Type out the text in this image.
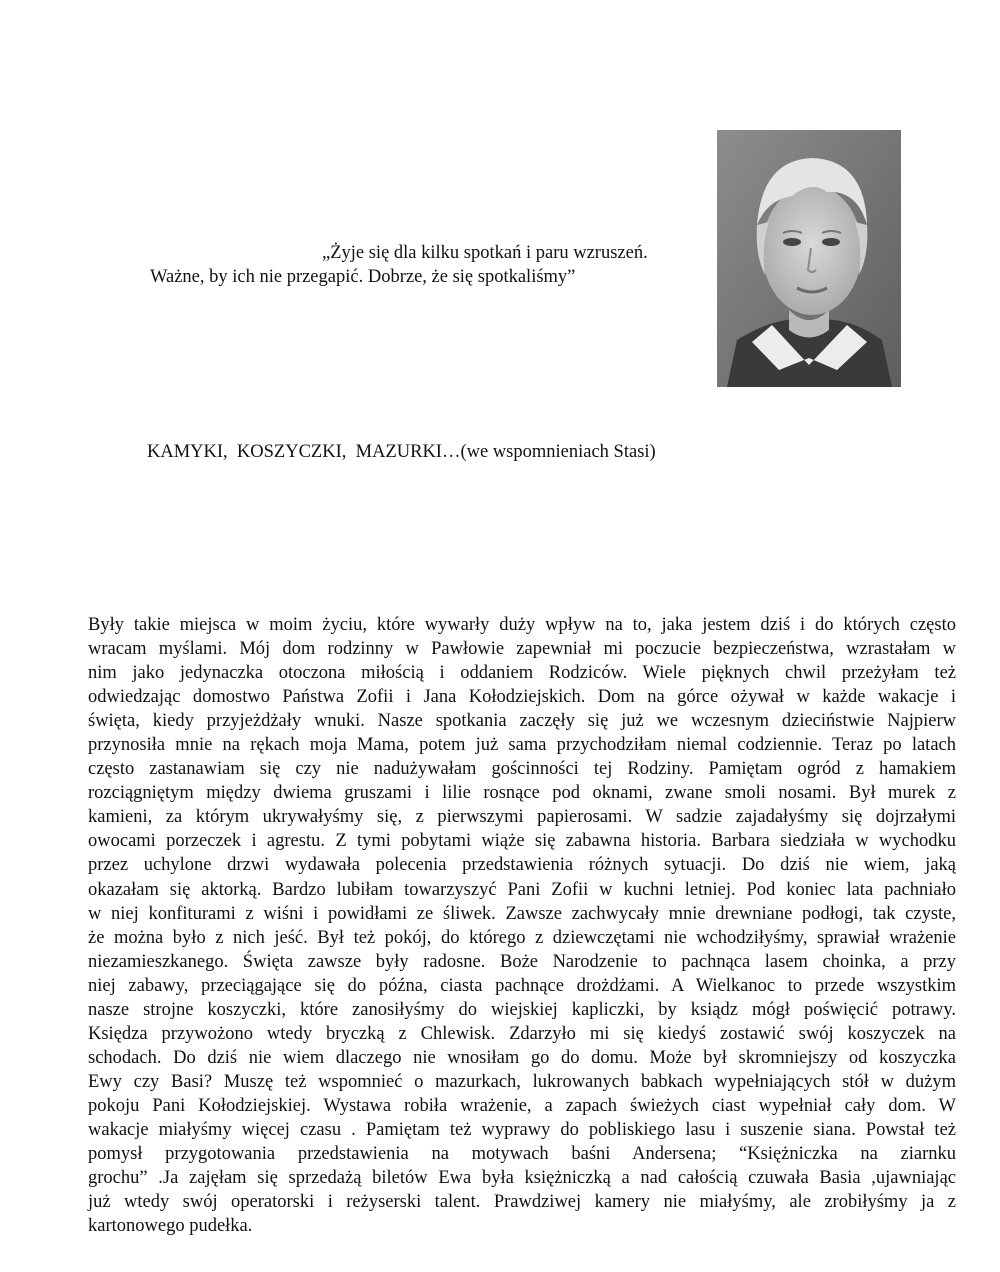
„Żyje się dla kilku spotkań i paru wzruszeń.
Ważne, by ich nie przegapić. Dobrze, że się spotkaliśmy”
KAMYKI,  KOSZYCZKI,  MAZURKI…(we wspomnieniach Stasi)
Były takie miejsca w moim życiu, które wywarły duży wpływ na to, jaka jestem dziś i do których często
wracam myślami. Mój dom rodzinny w Pawłowie zapewniał mi poczucie bezpieczeństwa, wzrastałam w
nim jako jedynaczka otoczona miłością i oddaniem Rodziców. Wiele pięknych chwil przeżyłam też
odwiedzając domostwo Państwa Zofii i Jana Kołodziejskich. Dom na górce ożywał w każde wakacje i
święta, kiedy przyjeżdżały wnuki. Nasze spotkania zaczęły się już we wczesnym dzieciństwie Najpierw
przynosiła mnie na rękach moja Mama, potem już sama przychodziłam niemal codziennie. Teraz po latach
często zastanawiam się czy nie nadużywałam gościnności tej Rodziny. Pamiętam ogród z hamakiem
rozciągniętym między dwiema gruszami i lilie rosnące pod oknami, zwane smoli nosami. Był murek z
kamieni, za którym ukrywałyśmy się, z pierwszymi papierosami. W sadzie zajadałyśmy się dojrzałymi
owocami porzeczek i agrestu. Z tymi pobytami wiąże się zabawna historia. Barbara siedziała w wychodku
przez uchylone drzwi wydawała polecenia przedstawienia różnych sytuacji. Do dziś nie wiem, jaką
okazałam się aktorką. Bardzo lubiłam towarzyszyć Pani Zofii w kuchni letniej. Pod koniec lata pachniało
w niej konfiturami z wiśni i powidłami ze śliwek. Zawsze zachwycały mnie drewniane podłogi, tak czyste,
że można było z nich jeść. Był też pokój, do którego z dziewczętami nie wchodziłyśmy, sprawiał wrażenie
niezamieszkanego. Święta zawsze były radosne. Boże Narodzenie to pachnąca lasem choinka, a przy
niej zabawy, przeciągające się do późna, ciasta pachnące drożdżami. A Wielkanoc to przede wszystkim
nasze strojne koszyczki, które zanosiłyśmy do wiejskiej kapliczki, by ksiądz mógł poświęcić potrawy.
Księdza przywożono wtedy bryczką z Chlewisk. Zdarzyło mi się kiedyś zostawić swój koszyczek na
schodach. Do dziś nie wiem dlaczego nie wnosiłam go do domu. Może był skromniejszy od koszyczka
Ewy czy Basi? Muszę też wspomnieć o mazurkach, lukrowanych babkach wypełniających stół w dużym
pokoju Pani Kołodziejskiej. Wystawa robiła wrażenie, a zapach świeżych ciast wypełniał cały dom. W
wakacje miałyśmy więcej czasu . Pamiętam też wyprawy do pobliskiego lasu i suszenie siana. Powstał też
pomysł przygotowania przedstawienia na motywach baśni Andersena; “Księżniczka na ziarnku
grochu” .Ja zajęłam się sprzedażą biletów Ewa była księżniczką a nad całością czuwała Basia ,ujawniając
już wtedy swój operatorski i reżyserski talent. Prawdziwej kamery nie miałyśmy, ale zrobiłyśmy ja z
kartonowego pudełka.
